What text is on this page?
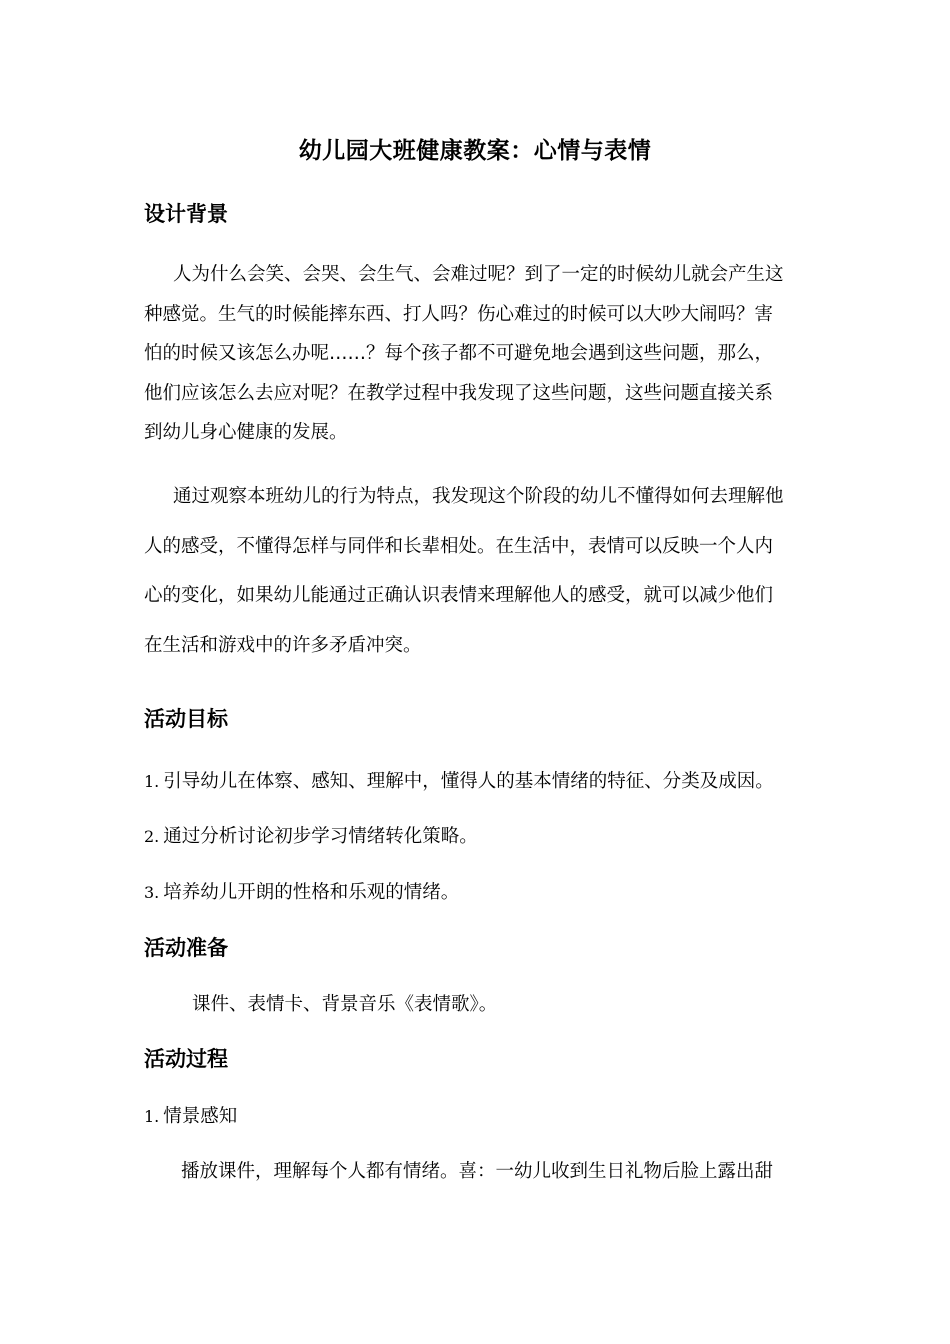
幼儿园大班健康教案：心情与表情
设计背景
人为什么会笑、会哭、会生气、会难过呢？到了一定的时候幼儿就会产生这
种感觉。生气的时候能摔东西、打人吗？伤心难过的时候可以大吵大闹吗？害
怕的时候又该怎么办呢……？每个孩子都不可避免地会遇到这些问题，那么，
他们应该怎么去应对呢？在教学过程中我发现了这些问题，这些问题直接关系
到幼儿身心健康的发展。
通过观察本班幼儿的行为特点，我发现这个阶段的幼儿不懂得如何去理解他
人的感受，不懂得怎样与同伴和长辈相处。在生活中，表情可以反映一个人内
心的变化，如果幼儿能通过正确认识表情来理解他人的感受，就可以减少他们
在生活和游戏中的许多矛盾冲突。
活动目标
1. 引导幼儿在体察、感知、理解中，懂得人的基本情绪的特征、分类及成因。
2. 通过分析讨论初步学习情绪转化策略。
3. 培养幼儿开朗的性格和乐观的情绪。
活动准备
课件、表情卡、背景音乐《表情歌》。
活动过程
1. 情景感知
播放课件，理解每个人都有情绪。喜：一幼儿收到生日礼物后脸上露出甜
